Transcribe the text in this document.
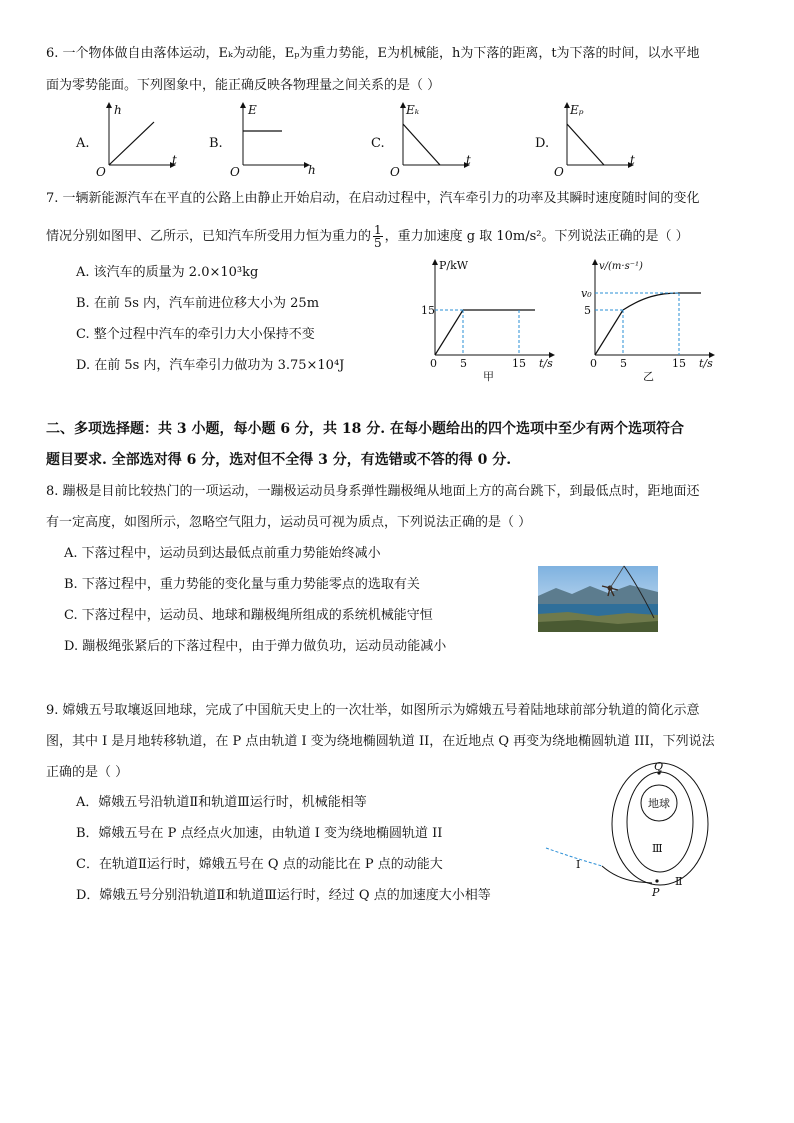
6. 一个物体做自由落体运动，Eₖ为动能，Eₚ为重力势能，E为机械能，h为下落的距离，t为下落的时间，以水平地
面为零势能面。下列图象中，能正确反映各物理量之间关系的是（ ）
A.
h
t
O
B.
E
h
O
C.
Eₖ
t
O
D.
Eₚ
t
O
7. 一辆新能源汽车在平直的公路上由静止开始启动，在启动过程中，汽车牵引力的功率及其瞬时速度随时间的变化
情况分别如图甲、乙所示，已知汽车所受用力恒为重力的 $\frac{1}{5}$ ，重力加速度 g 取 10m/s²。下列说法正确的是（ ）
A. 该汽车的质量为 2.0×10³kg
B. 在前 5s 内，汽车前进位移大小为 25m
C. 整个过程中汽车的牵引力大小保持不变
D. 在前 5s 内，汽车牵引力做功为 3.75×10⁴J
P/kW
15
0 5	15 t/s
甲
v/(m·s⁻¹)
v₀
5
0 5	15 t/s
乙
二、多项选择题：共 3 小题，每小题 6 分，共 18 分. 在每小题给出的四个选项中至少有两个选项符合
题目要求. 全部选对得 6 分，选对但不全得 3 分，有选错或不答的得 0 分.
8. 蹦极是目前比较热门的一项运动，一蹦极运动员身系弹性蹦极绳从地面上方的高台跳下，到最低点时，距地面还
有一定高度，如图所示，忽略空气阻力，运动员可视为质点，下列说法正确的是（ ）
A. 下落过程中，运动员到达最低点前重力势能始终减小
B. 下落过程中，重力势能的变化量与重力势能零点的选取有关
C. 下落过程中，运动员、地球和蹦极绳所组成的系统机械能守恒
D. 蹦极绳张紧后的下落过程中，由于弹力做负功，运动员动能减小
9. 嫦娥五号取壤返回地球，完成了中国航天史上的一次壮举，如图所示为嫦娥五号着陆地球前部分轨道的简化示意
图，其中 I 是月地转移轨道，在 P 点由轨道 I 变为绕地椭圆轨道 II，在近地点 Q 再变为绕地椭圆轨道 III，下列说法
正确的是（ ）
A．嫦娥五号沿轨道Ⅱ和轨道Ⅲ运行时，机械能相等
B．嫦娥五号在 P 点经点火加速，由轨道 I 变为绕地椭圆轨道 II
C．在轨道Ⅱ运行时，嫦娥五号在 Q 点的动能比在 P 点的动能大
D．嫦娥五号分别沿轨道Ⅱ和轨道Ⅲ运行时，经过 Q 点的加速度大小相等
地球
Q
P
I
Ⅱ
Ⅲ
